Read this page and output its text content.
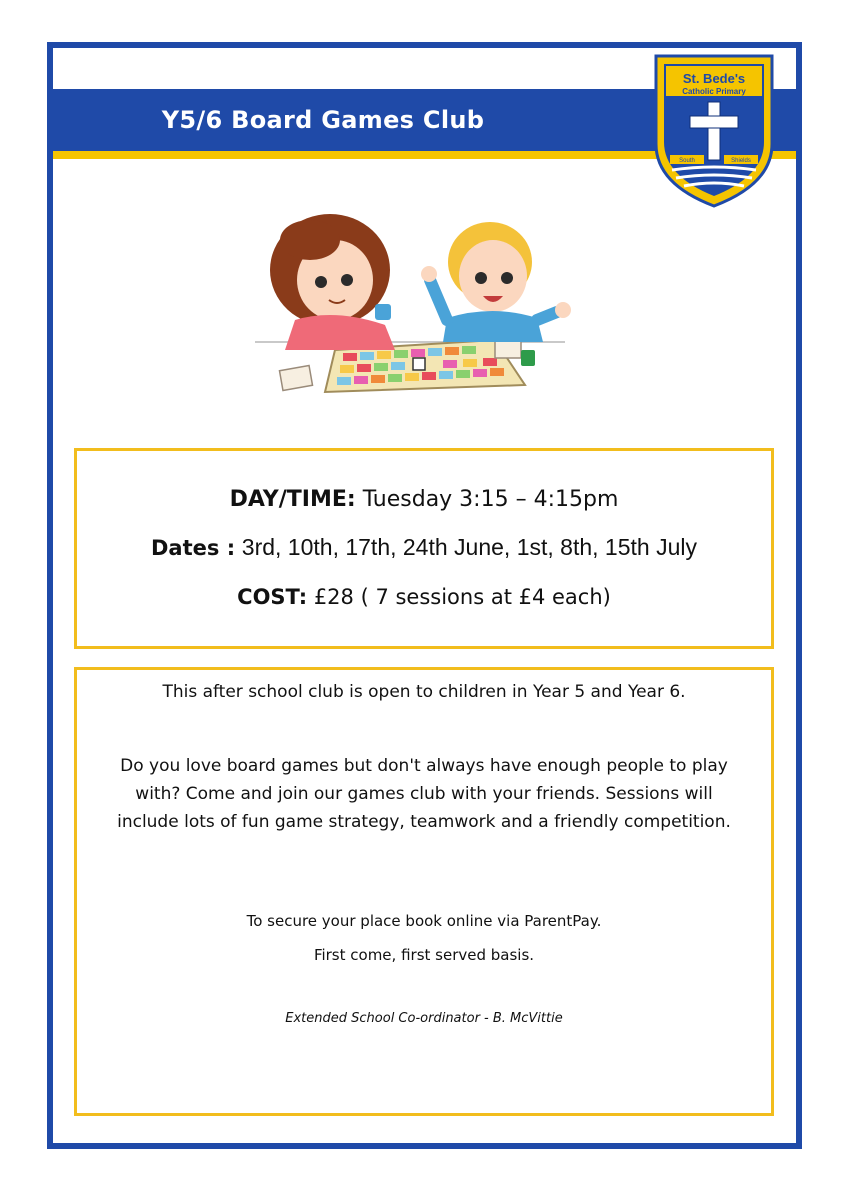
Y5/6 Board Games Club
St. Bede's
Catholic Primary
South	Shields
DAY/TIME: Tuesday 3:15 – 4:15pm
Dates : 3rd, 10th, 17th, 24th June, 1st, 8th, 15th July
COST: £28 ( 7 sessions at £4 each)
This after school club is open to children in Year 5 and Year 6.
Do you love board games but don't always have enough people to play
with? Come and join our games club with your friends. Sessions will
include lots of fun game strategy, teamwork and a friendly competition.
To secure your place book online via ParentPay.
First come, first served basis.
Extended School Co-ordinator - B. McVittie
